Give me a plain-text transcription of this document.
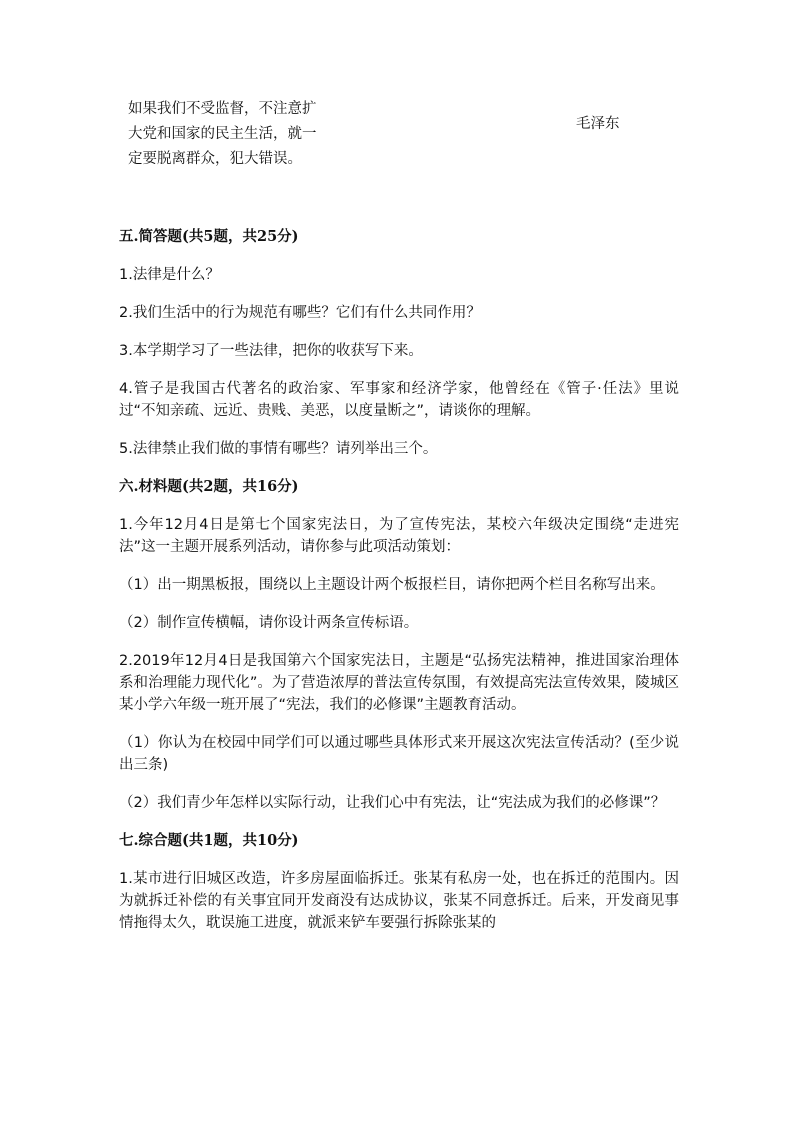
如果我们不受监督，不注意扩
大党和国家的民主生活，就一
定要脱离群众，犯大错误。
毛泽东
五.简答题(共5题，共25分)
1.法律是什么？
2.我们生活中的行为规范有哪些？它们有什么共同作用？
3.本学期学习了一些法律，把你的收获写下来。
4.管子是我国古代著名的政治家、军事家和经济学家，他曾经在《管子·任法》里说过“不知亲疏、远近、贵贱、美恶，以度量断之”，请谈你的理解。
5.法律禁止我们做的事情有哪些？请列举出三个。
六.材料题(共2题，共16分)
1.今年12月4日是第七个国家宪法日，为了宣传宪法，某校六年级决定围绕“走进宪法”这一主题开展系列活动，请你参与此项活动策划：
（1）出一期黑板报，围绕以上主题设计两个板报栏目，请你把两个栏目名称写出来。
（2）制作宣传横幅，请你设计两条宣传标语。
2.2019年12月4日是我国第六个国家宪法日，主题是“弘扬宪法精神，推进国家治理体系和治理能力现代化”。为了营造浓厚的普法宣传氛围，有效提高宪法宣传效果，陵城区某小学六年级一班开展了“宪法，我们的必修课”主题教育活动。
（1）你认为在校园中同学们可以通过哪些具体形式来开展这次宪法宣传活动？(至少说出三条)
（2）我们青少年怎样以实际行动，让我们心中有宪法，让“宪法成为我们的必修课”？
七.综合题(共1题，共10分)
1.某市进行旧城区改造，许多房屋面临拆迁。张某有私房一处，也在拆迁的范围内。因为就拆迁补偿的有关事宜同开发商没有达成协议，张某不同意拆迁。后来，开发商见事情拖得太久，耽误施工进度，就派来铲车要强行拆除张某的
